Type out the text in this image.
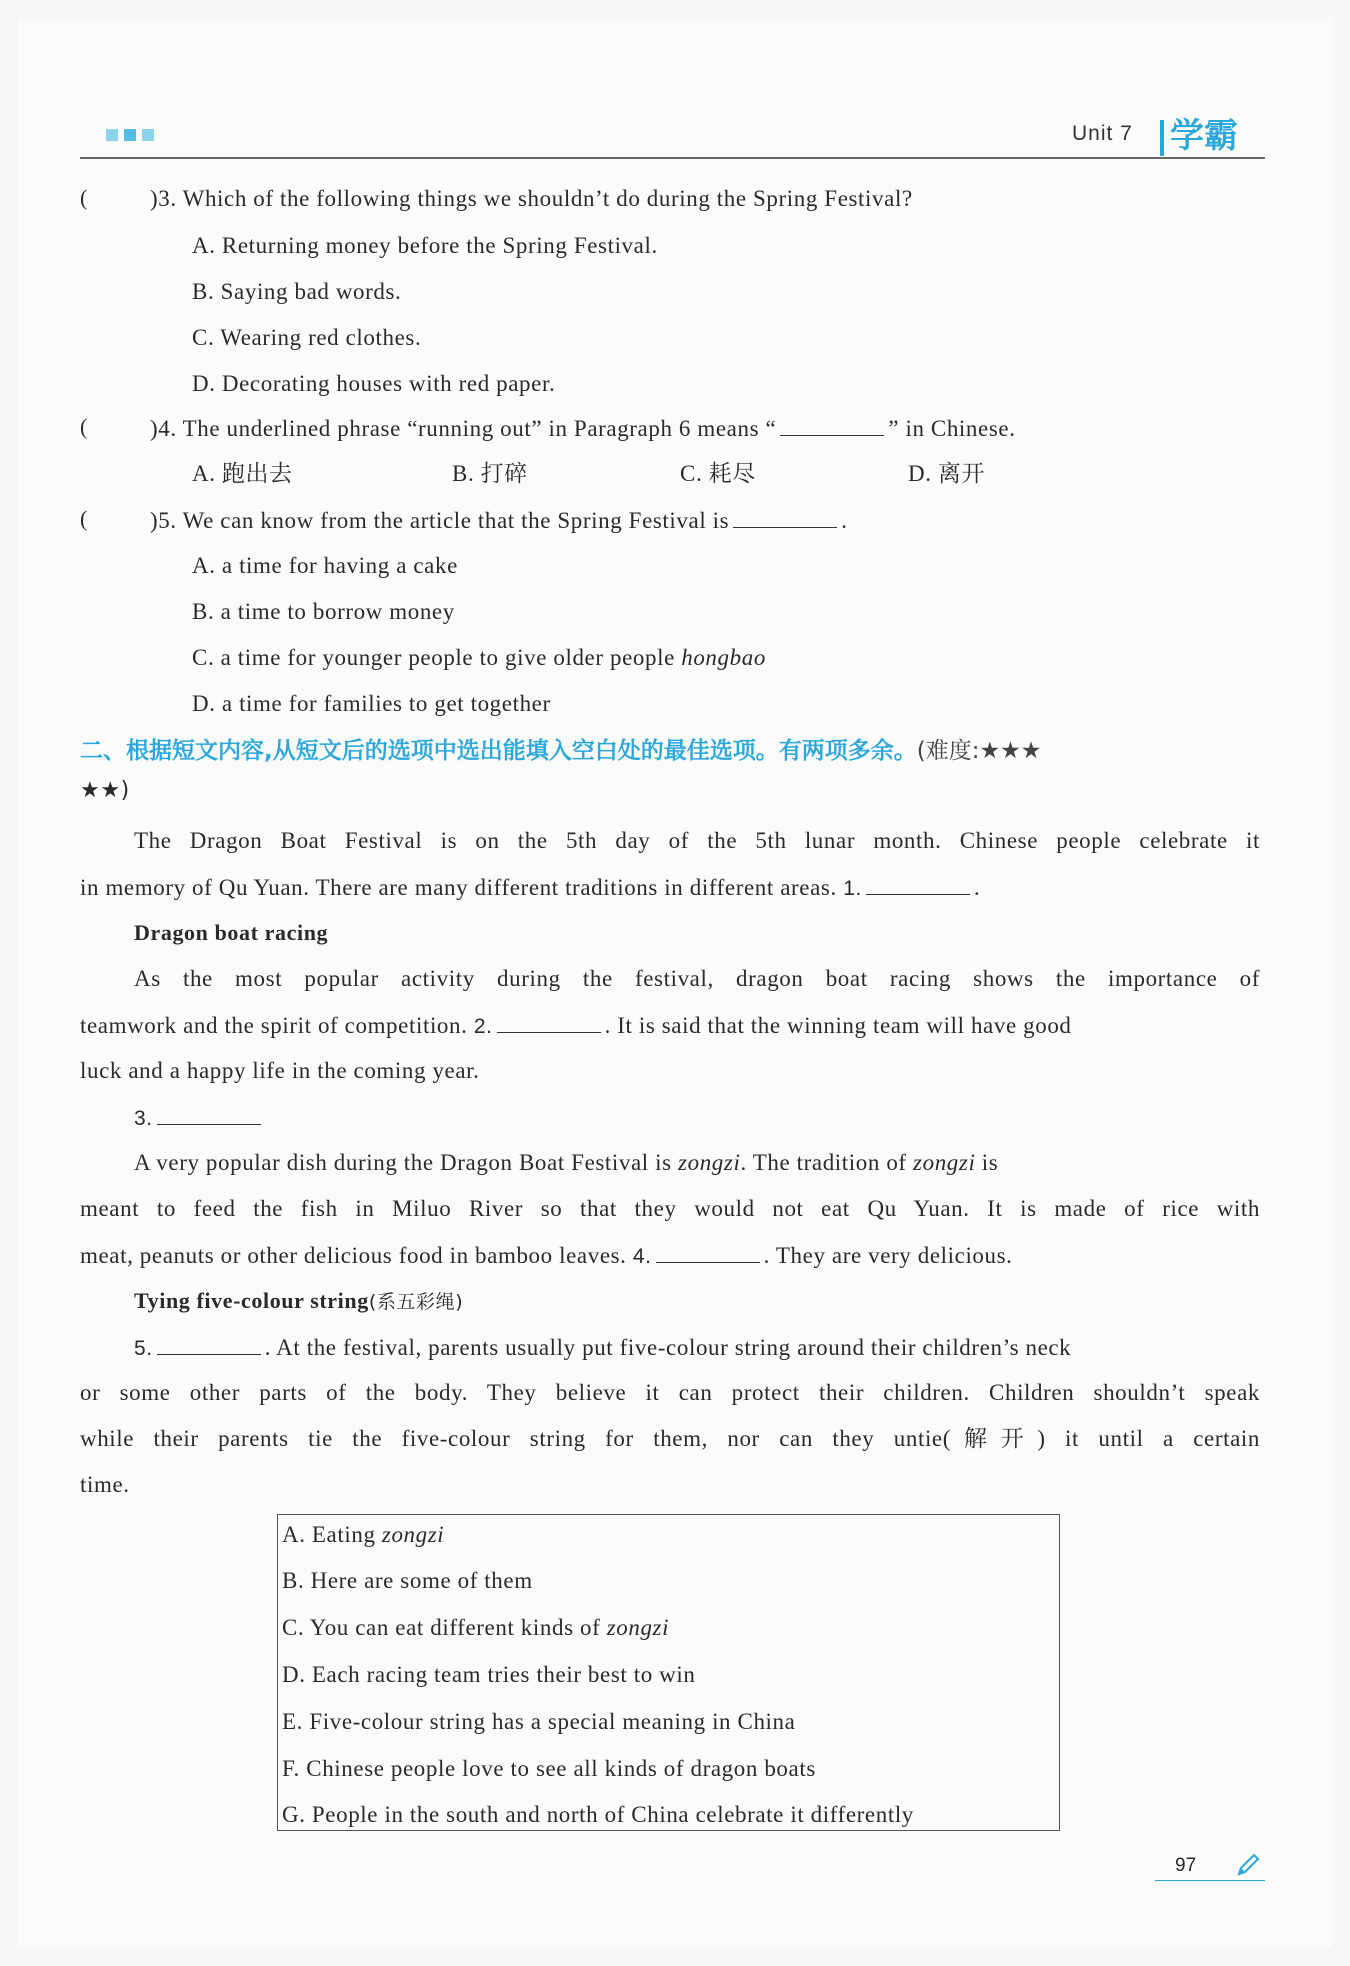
Unit 7 学霸
(	)3. Which of the following things we shouldn’t do during the Spring Festival?
A. Returning money before the Spring Festival.
B. Saying bad words.
C. Wearing red clothes.
D. Decorating houses with red paper.
(	)4. The underlined phrase “running out” in Paragraph 6 means “	” in Chinese.
A. 跑出去	B. 打碎	C. 耗尽	D. 离开
(	)5. We can know from the article that the Spring Festival is	.
A. a time for having a cake
B. a time to borrow money
C. a time for younger people to give older people hongbao
D. a time for families to get together
二、根据短文内容,从短文后的选项中选出能填入空白处的最佳选项。有两项多余。(难度:★★★
★★)
The Dragon Boat Festival is on the 5th day of the 5th lunar month. Chinese people celebrate it
in memory of Qu Yuan. There are many different traditions in different areas. 1.	.
Dragon boat racing
As the most popular activity during the festival, dragon boat racing shows the importance of
teamwork and the spirit of competition. 2.	. It is said that the winning team will have good
luck and a happy life in the coming year.
3.
A very popular dish during the Dragon Boat Festival is zongzi. The tradition of zongzi is
meant to feed the fish in Miluo River so that they would not eat Qu Yuan. It is made of rice with
meat, peanuts or other delicious food in bamboo leaves. 4.	. They are very delicious.
Tying five-colour string(系五彩绳)
5.	. At the festival, parents usually put five-colour string around their children’s neck
or some other parts of the body. They believe it can protect their children. Children shouldn’t speak
while their parents tie the five-colour string for them, nor can they untie(解开) it until a certain
time.
A. Eating zongzi
B. Here are some of them
C. You can eat different kinds of zongzi
D. Each racing team tries their best to win
E. Five-colour string has a special meaning in China
F. Chinese people love to see all kinds of dragon boats
G. People in the south and north of China celebrate it differently
97
